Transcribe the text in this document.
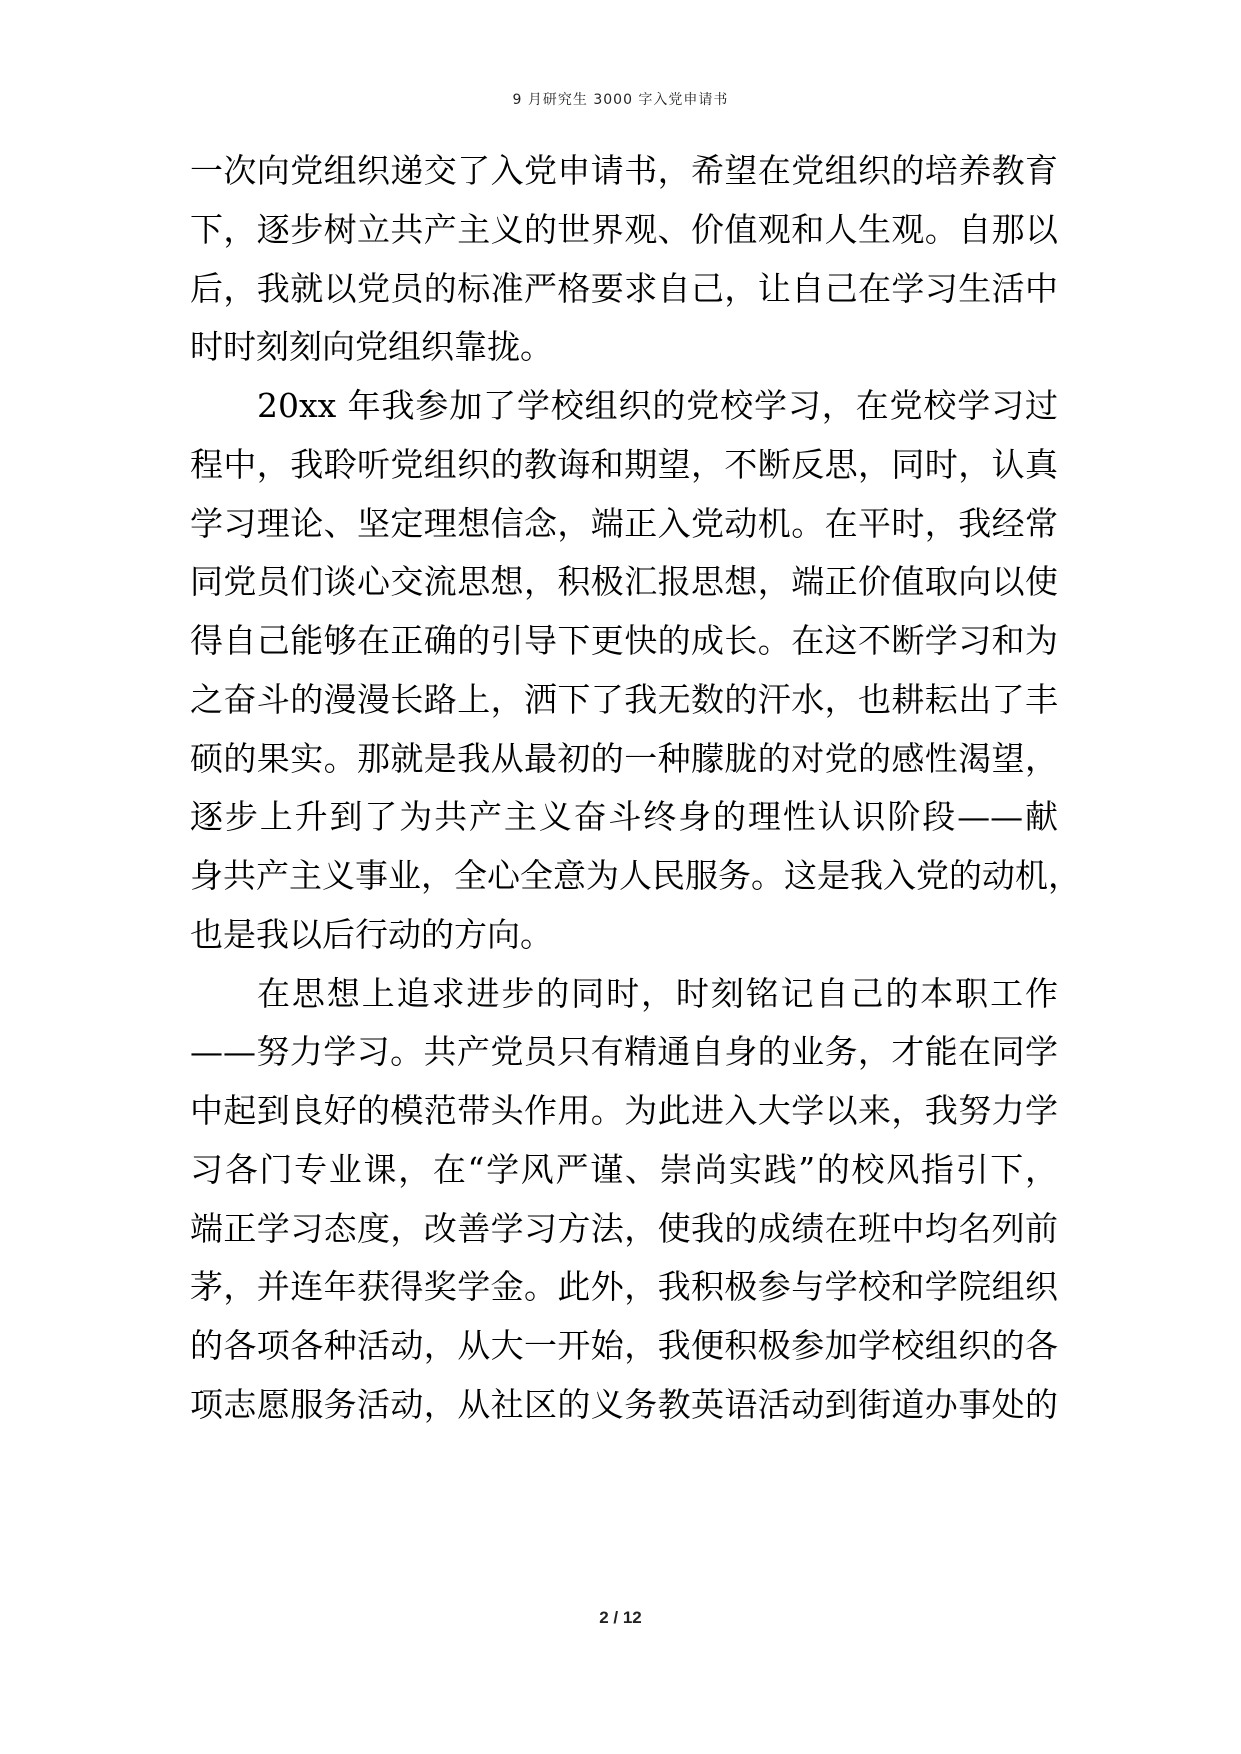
9 月研究生 3000 字入党申请书
一次向党组织递交了入党申请书，希望在党组织的培养教育
下，逐步树立共产主义的世界观、价值观和人生观。自那以
后，我就以党员的标准严格要求自己，让自己在学习生活中
时时刻刻向党组织靠拢。
20xx 年我参加了学校组织的党校学习，在党校学习过
程中，我聆听党组织的教诲和期望，不断反思，同时，认真
学习理论、坚定理想信念，端正入党动机。在平时，我经常
同党员们谈心交流思想，积极汇报思想，端正价值取向以使
得自己能够在正确的引导下更快的成长。在这不断学习和为
之奋斗的漫漫长路上，洒下了我无数的汗水，也耕耘出了丰
硕的果实。那就是我从最初的一种朦胧的对党的感性渴望，
逐步上升到了为共产主义奋斗终身的理性认识阶段——献
身共产主义事业，全心全意为人民服务。这是我入党的动机，
也是我以后行动的方向。
在思想上追求进步的同时，时刻铭记自己的本职工作
——努力学习。共产党员只有精通自身的业务，才能在同学
中起到良好的模范带头作用。为此进入大学以来，我努力学
习各门专业课，在“学风严谨、崇尚实践”的校风指引下，
端正学习态度，改善学习方法，使我的成绩在班中均名列前
茅，并连年获得奖学金。此外，我积极参与学校和学院组织
的各项各种活动，从大一开始，我便积极参加学校组织的各
项志愿服务活动，从社区的义务教英语活动到街道办事处的
2 / 12
